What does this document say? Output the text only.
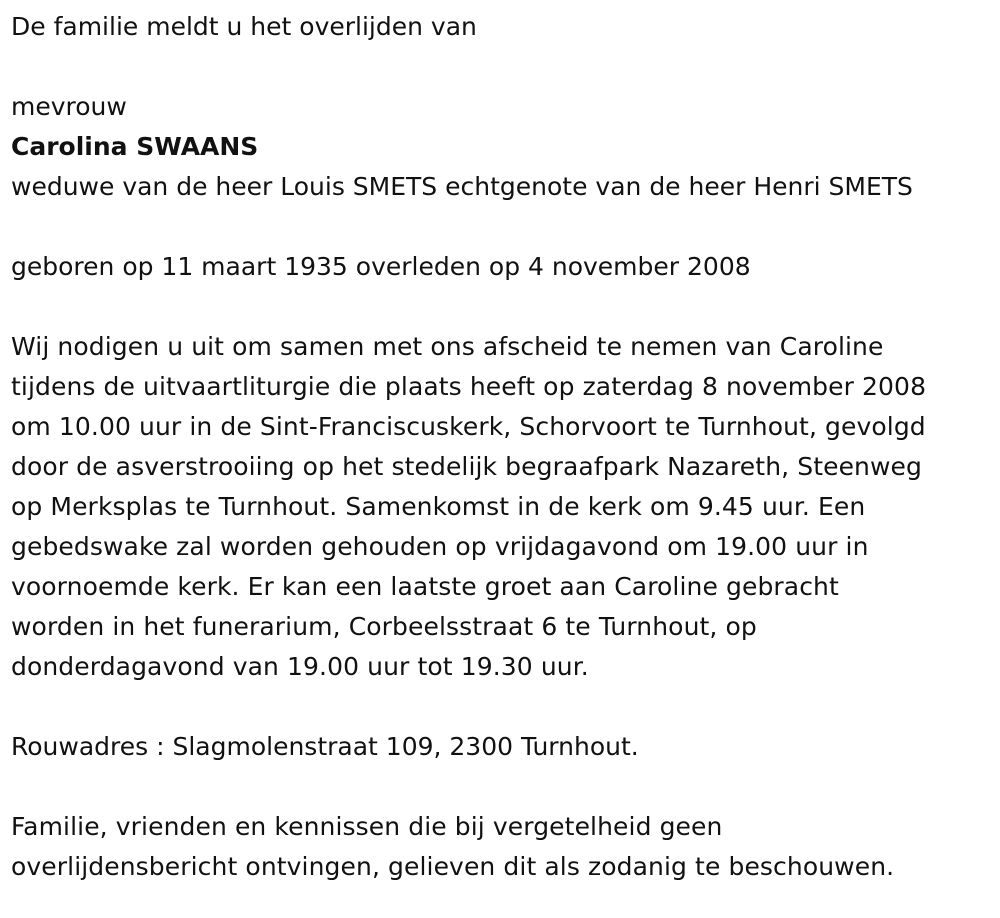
De familie meldt u het overlijden van

mevrouw

Carolina SWAANS

weduwe van de heer Louis SMETS echtgenote van de heer Henri SMETS

geboren op 11 maart 1935 overleden op 4 november 2008

Wij nodigen u uit om samen met ons afscheid te nemen van Caroline

tijdens de uitvaartliturgie die plaats heeft op zaterdag 8 november 2008

om 10.00 uur in de Sint-Franciscuskerk, Schorvoort te Turnhout, gevolgd

door de asverstrooiing op het stedelijk begraafpark Nazareth, Steenweg

op Merksplas te Turnhout. Samenkomst in de kerk om 9.45 uur. Een

gebedswake zal worden gehouden op vrijdagavond om 19.00 uur in

voornoemde kerk. Er kan een laatste groet aan Caroline gebracht

worden in het funerarium, Corbeelsstraat 6 te Turnhout, op

donderdagavond van 19.00 uur tot 19.30 uur.

Rouwadres : Slagmolenstraat 109, 2300 Turnhout.

Familie, vrienden en kennissen die bij vergetelheid geen

overlijdensbericht ontvingen, gelieven dit als zodanig te beschouwen.
